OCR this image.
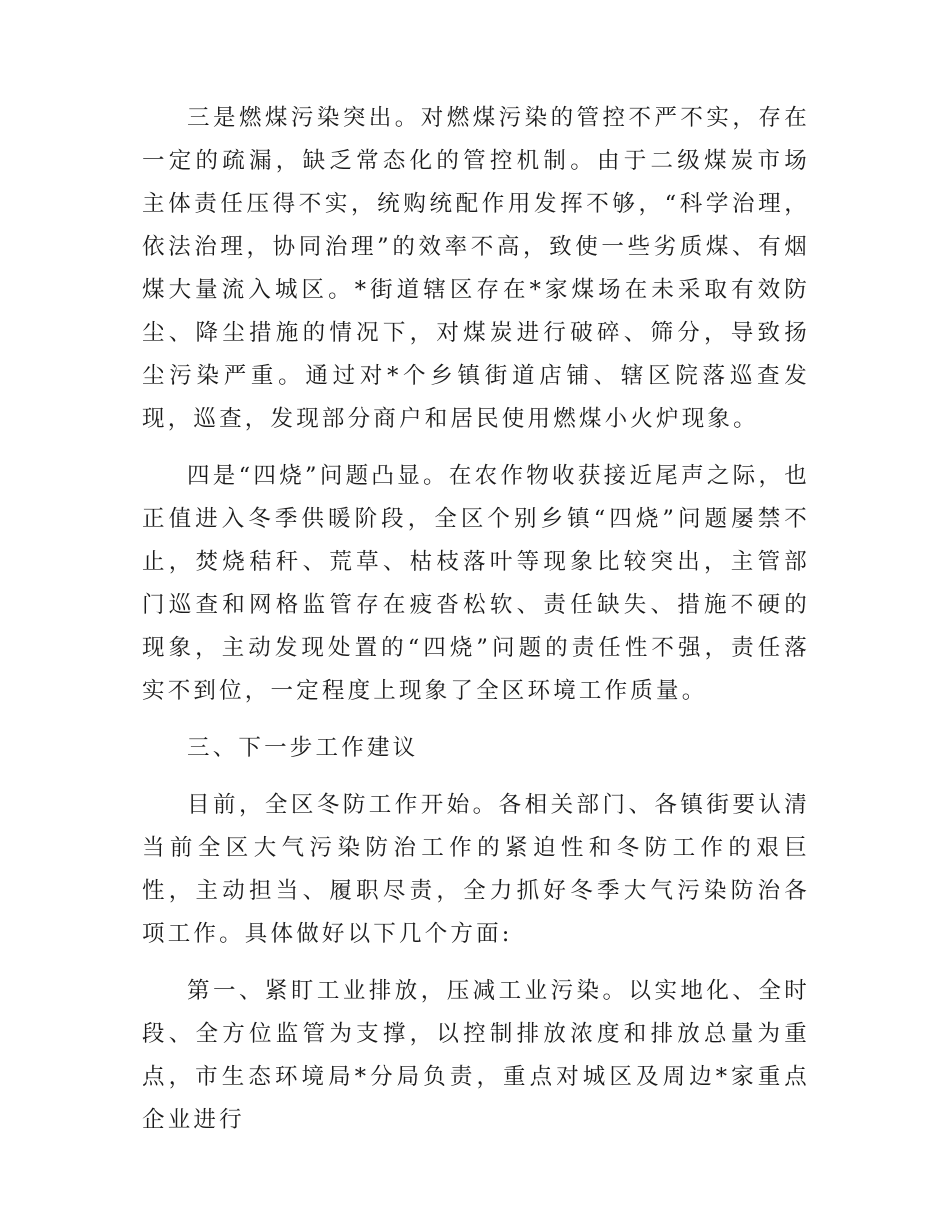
三是燃煤污染突出。对燃煤污染的管控不严不实，存在一定的疏漏，缺乏常态化的管控机制。由于二级煤炭市场主体责任压得不实，统购统配作用发挥不够，“科学治理，依法治理，协同治理”的效率不高，致使一些劣质煤、有烟煤大量流入城区。*街道辖区存在*家煤场在未采取有效防尘、降尘措施的情况下，对煤炭进行破碎、筛分，导致扬尘污染严重。通过对*个乡镇街道店铺、辖区院落巡查发现，巡查，发现部分商户和居民使用燃煤小火炉现象。

四是“四烧”问题凸显。在农作物收获接近尾声之际，也正值进入冬季供暖阶段，全区个别乡镇“四烧”问题屡禁不止，焚烧秸秆、荒草、枯枝落叶等现象比较突出，主管部门巡查和网格监管存在疲沓松软、责任缺失、措施不硬的现象，主动发现处置的“四烧”问题的责任性不强，责任落实不到位，一定程度上现象了全区环境工作质量。

三、下一步工作建议

目前，全区冬防工作开始。各相关部门、各镇街要认清当前全区大气污染防治工作的紧迫性和冬防工作的艰巨性，主动担当、履职尽责，全力抓好冬季大气污染防治各项工作。具体做好以下几个方面:

第一、紧盯工业排放，压减工业污染。以实地化、全时段、全方位监管为支撑，以控制排放浓度和排放总量为重点，市生态环境局*分局负责，重点对城区及周边*家重点企业进行
